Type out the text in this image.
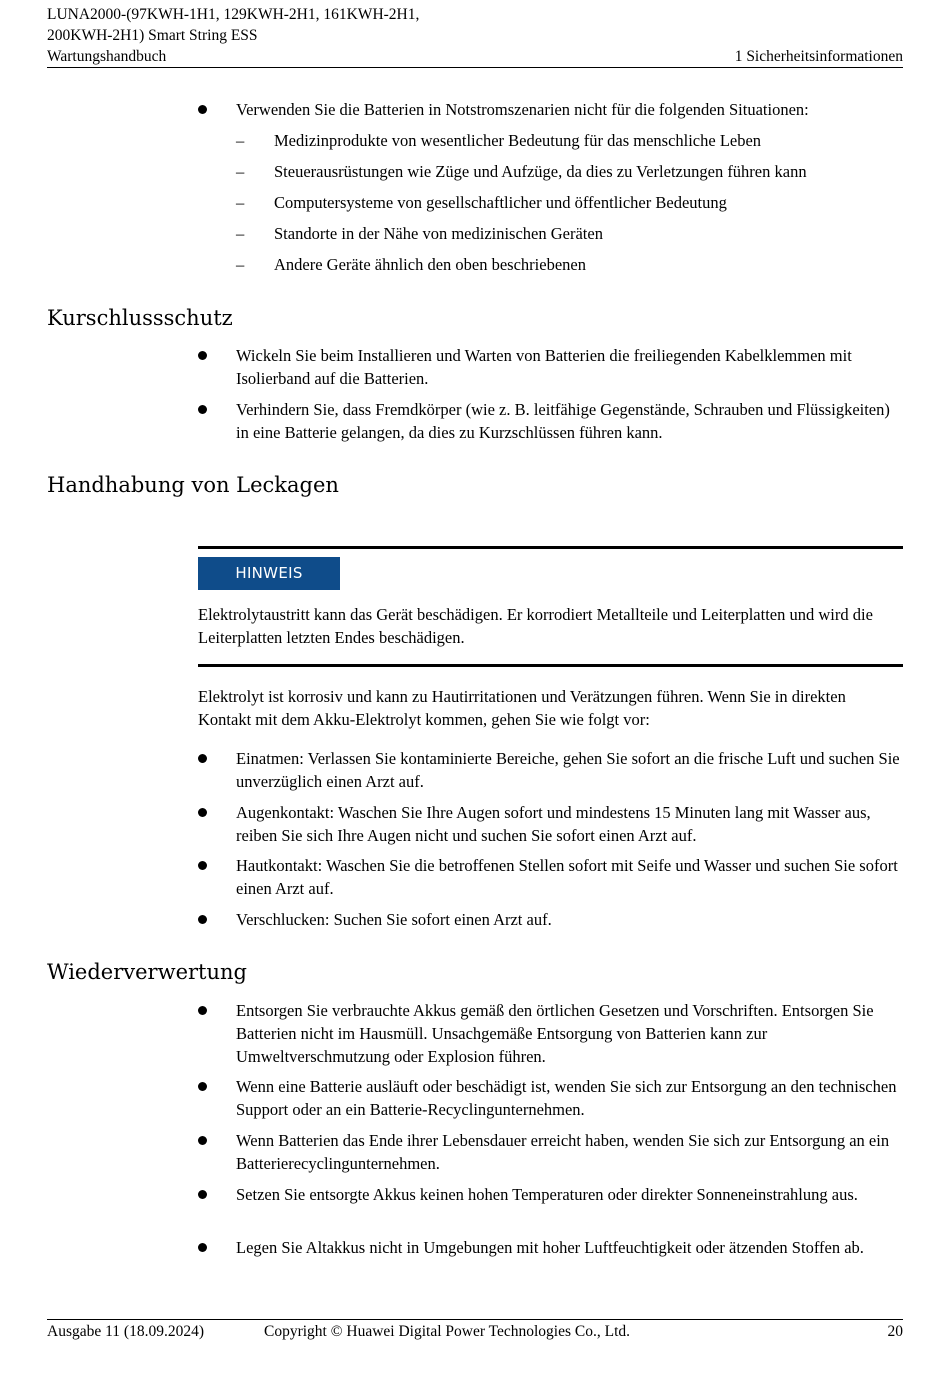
LUNA2000-(97KWH-1H1, 129KWH-2H1, 161KWH-2H1,
200KWH-2H1) Smart String ESS
Wartungshandbuch	1 Sicherheitsinformationen
Verwenden Sie die Batterien in Notstromszenarien nicht für die folgenden Situationen:
– Medizinprodukte von wesentlicher Bedeutung für das menschliche Leben
– Steuerausrüstungen wie Züge und Aufzüge, da dies zu Verletzungen führen kann
– Computersysteme von gesellschaftlicher und öffentlicher Bedeutung
– Standorte in der Nähe von medizinischen Geräten
– Andere Geräte ähnlich den oben beschriebenen
Kurschlussschutz
Wickeln Sie beim Installieren und Warten von Batterien die freiliegenden Kabelklemmen mit Isolierband auf die Batterien.
Verhindern Sie, dass Fremdkörper (wie z. B. leitfähige Gegenstände, Schrauben und Flüssigkeiten) in eine Batterie gelangen, da dies zu Kurzschlüssen führen kann.
Handhabung von Leckagen
HINWEIS
Elektrolytaustritt kann das Gerät beschädigen. Er korrodiert Metallteile und Leiterplatten und wird die Leiterplatten letzten Endes beschädigen.
Elektrolyt ist korrosiv und kann zu Hautirritationen und Verätzungen führen. Wenn Sie in direkten Kontakt mit dem Akku-Elektrolyt kommen, gehen Sie wie folgt vor:
Einatmen: Verlassen Sie kontaminierte Bereiche, gehen Sie sofort an die frische Luft und suchen Sie unverzüglich einen Arzt auf.
Augenkontakt: Waschen Sie Ihre Augen sofort und mindestens 15 Minuten lang mit Wasser aus, reiben Sie sich Ihre Augen nicht und suchen Sie sofort einen Arzt auf.
Hautkontakt: Waschen Sie die betroffenen Stellen sofort mit Seife und Wasser und suchen Sie sofort einen Arzt auf.
Verschlucken: Suchen Sie sofort einen Arzt auf.
Wiederverwertung
Entsorgen Sie verbrauchte Akkus gemäß den örtlichen Gesetzen und Vorschriften. Entsorgen Sie Batterien nicht im Hausmüll. Unsachgemäße Entsorgung von Batterien kann zur Umweltverschmutzung oder Explosion führen.
Wenn eine Batterie ausläuft oder beschädigt ist, wenden Sie sich zur Entsorgung an den technischen Support oder an ein Batterie-Recyclingunternehmen.
Wenn Batterien das Ende ihrer Lebensdauer erreicht haben, wenden Sie sich zur Entsorgung an ein Batterierecyclingunternehmen.
Setzen Sie entsorgte Akkus keinen hohen Temperaturen oder direkter Sonneneinstrahlung aus.
Legen Sie Altakkus nicht in Umgebungen mit hoher Luftfeuchtigkeit oder ätzenden Stoffen ab.
Ausgabe 11 (18.09.2024)	Copyright © Huawei Digital Power Technologies Co., Ltd.	20
